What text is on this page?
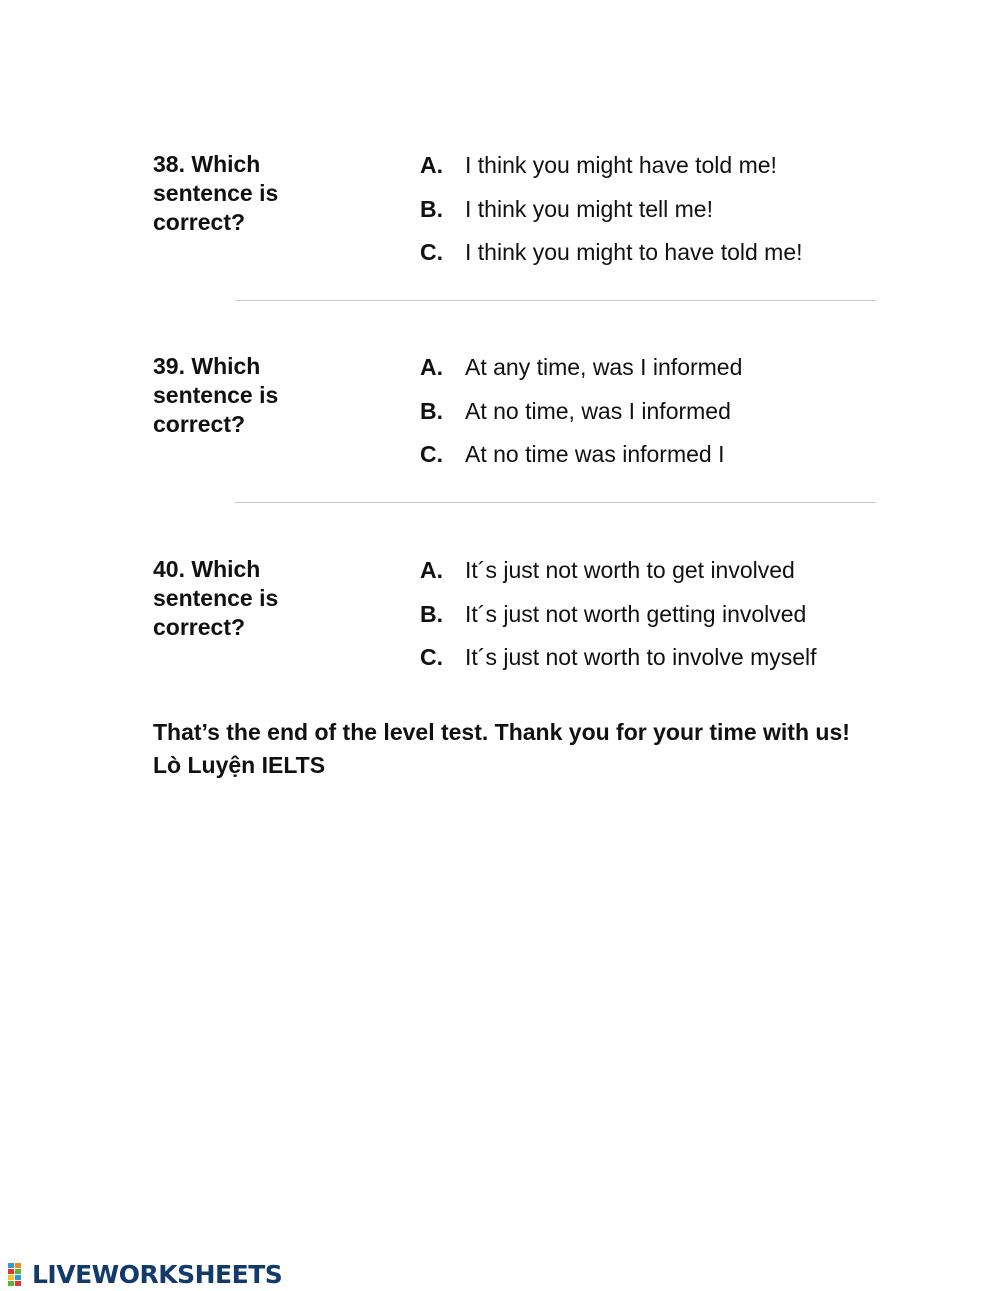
38. Which sentence is correct?
A. I think you might have told me!
B. I think you might tell me!
C. I think you might to have told me!
39. Which sentence is correct?
A. At any time, was I informed
B. At no time, was I informed
C. At no time was informed I
40. Which sentence is correct?
A. It´s just not worth to get involved
B. It´s just not worth getting involved
C. It´s just not worth to involve myself
That’s the end of the level test. Thank you for your time with us! Lò Luyện IELTS
LIVEWORKSHEETS
